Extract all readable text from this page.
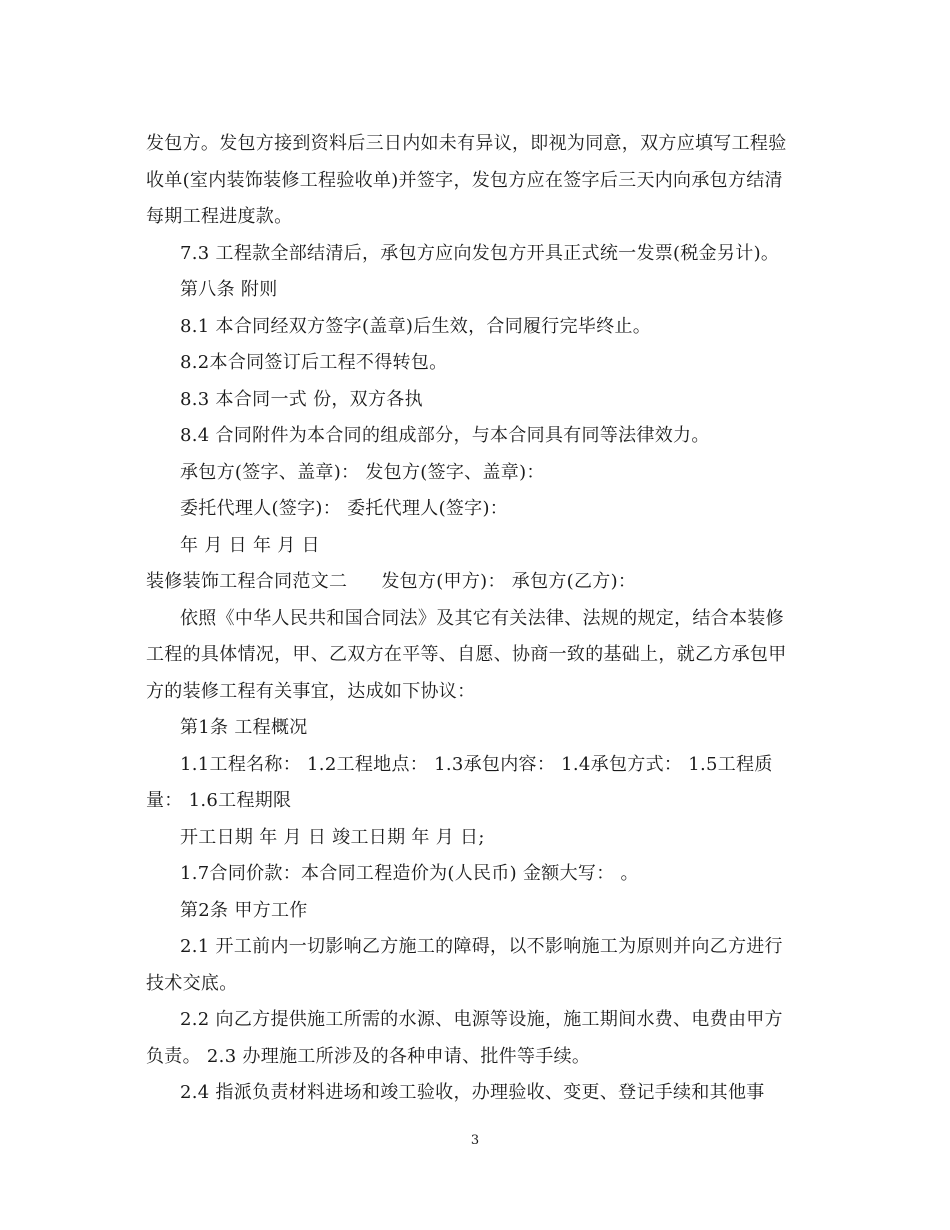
发包方。发包方接到资料后三日内如未有异议，即视为同意，双方应填写工程验
收单(室内装饰装修工程验收单)并签字，发包方应在签字后三天内向承包方结清
每期工程进度款。
7.3 工程款全部结清后，承包方应向发包方开具正式统一发票(税金另计)。
第八条 附则
8.1 本合同经双方签字(盖章)后生效，合同履行完毕终止。
8.2本合同签订后工程不得转包。
8.3 本合同一式 份，双方各执
8.4 合同附件为本合同的组成部分，与本合同具有同等法律效力。
承包方(签字、盖章)： 发包方(签字、盖章)：
委托代理人(签字)： 委托代理人(签字)：
年 月 日 年 月 日
装修装饰工程合同范文二 发包方(甲方)： 承包方(乙方)：
依照《中华人民共和国合同法》及其它有关法律、法规的规定，结合本装修
工程的具体情况，甲、乙双方在平等、自愿、协商一致的基础上，就乙方承包甲
方的装修工程有关事宜，达成如下协议：
第1条 工程概况
1.1工程名称： 1.2工程地点： 1.3承包内容： 1.4承包方式： 1.5工程质
量： 1.6工程期限
开工日期 年 月 日 竣工日期 年 月 日;
1.7合同价款：本合同工程造价为(人民币) 金额大写： 。
第2条 甲方工作
2.1 开工前内一切影响乙方施工的障碍，以不影响施工为原则并向乙方进行
技术交底。
2.2 向乙方提供施工所需的水源、电源等设施，施工期间水费、电费由甲方
负责。 2.3 办理施工所涉及的各种申请、批件等手续。
2.4 指派负责材料进场和竣工验收，办理验收、变更、登记手续和其他事
3
